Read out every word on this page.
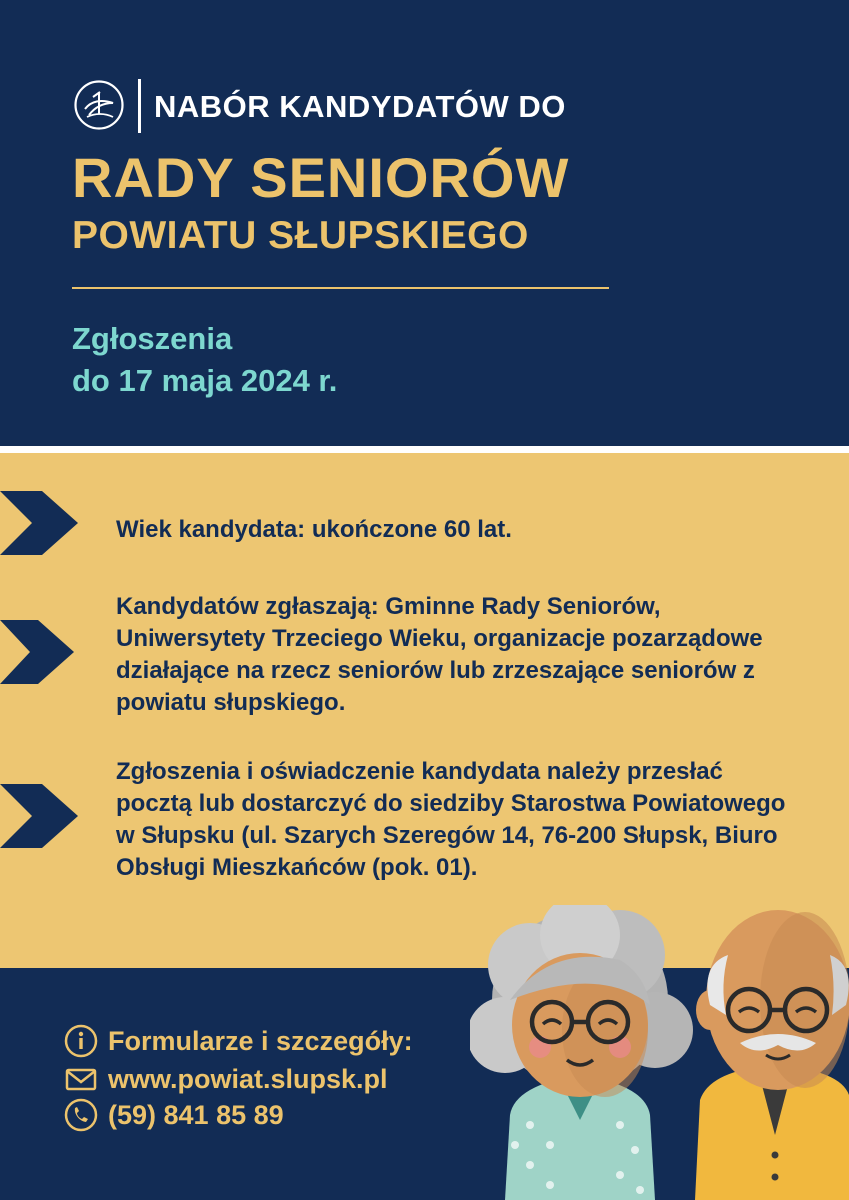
NABÓR KANDYDATÓW DO
RADY SENIORÓW
POWIATU SŁUPSKIEGO
Zgłoszenia
do 17 maja 2024 r.
Wiek kandydata: ukończone 60 lat.
Kandydatów zgłaszają: Gminne Rady Seniorów, Uniwersytety Trzeciego Wieku, organizacje pozarządowe działające na rzecz seniorów lub zrzeszające seniorów z powiatu słupskiego.
Zgłoszenia i oświadczenie kandydata należy przesłać pocztą lub dostarczyć do siedziby Starostwa Powiatowego w Słupsku (ul. Szarych Szeregów 14, 76-200 Słupsk, Biuro Obsługi Mieszkańców (pok. 01).
Formularze i szczegóły:
www.powiat.slupsk.pl
(59) 841 85 89
